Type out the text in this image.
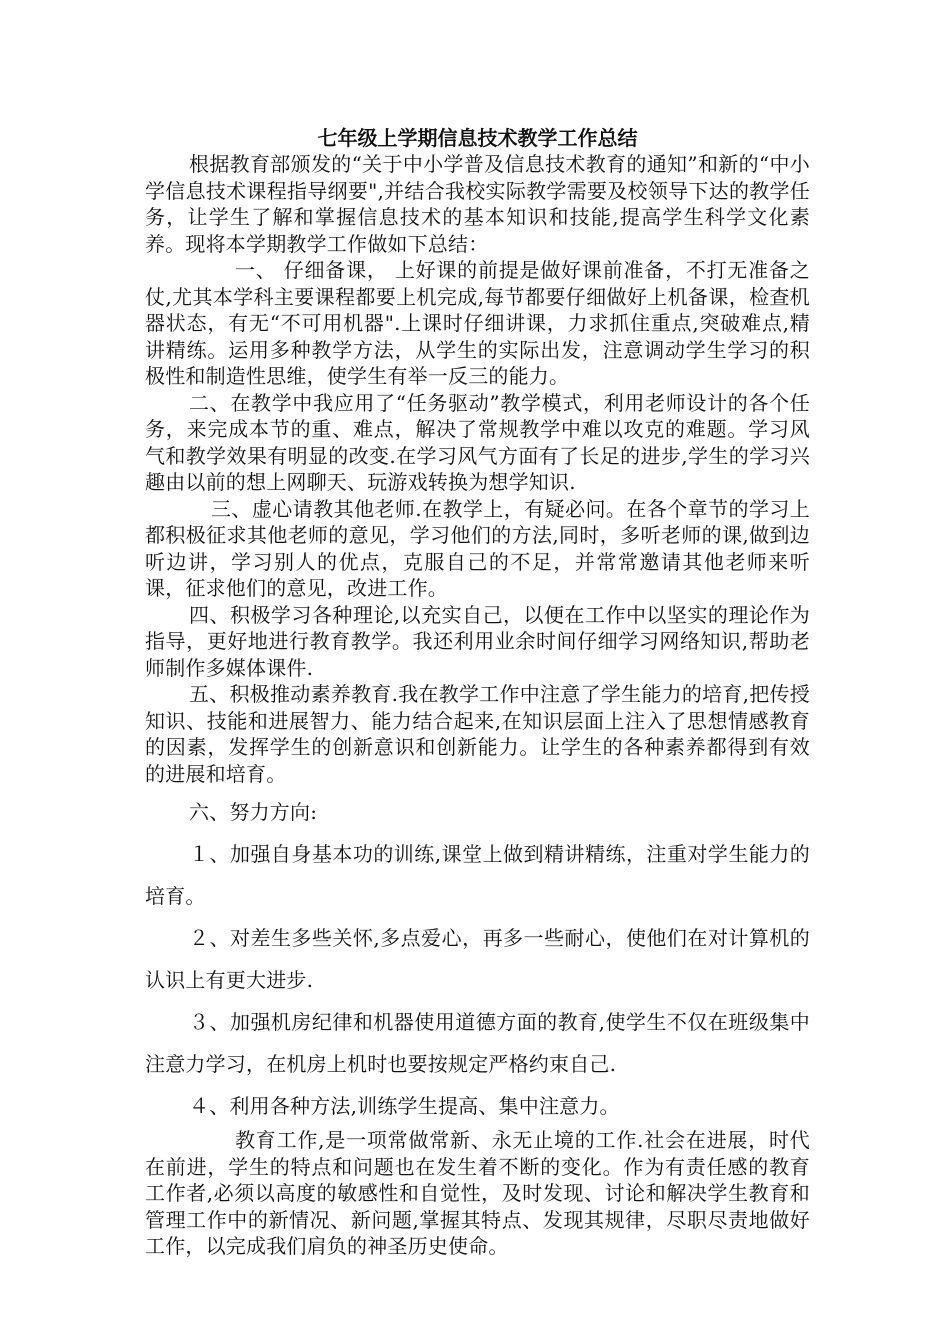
七年级上学期信息技术教学工作总结

根据教育部颁发的“关于中小学普及信息技术教育的通知”和新的“中小学信息技术课程指导纲要",并结合我校实际教学需要及校领导下达的教学任务，让学生了解和掌握信息技术的基本知识和技能,提高学生科学文化素养。现将本学期教学工作做如下总结：

一、 仔细备课， 上好课的前提是做好课前准备，不打无准备之仗,尤其本学科主要课程都要上机完成,每节都要仔细做好上机备课，检查机器状态，有无“不可用机器".上课时仔细讲课，力求抓住重点,突破难点,精讲精练。运用多种教学方法，从学生的实际出发，注意调动学生学习的积极性和制造性思维，使学生有举一反三的能力。

二、在教学中我应用了“任务驱动”教学模式，利用老师设计的各个任务，来完成本节的重、难点，解决了常规教学中难以攻克的难题。学习风气和教学效果有明显的改变.在学习风气方面有了长足的进步,学生的学习兴趣由以前的想上网聊天、玩游戏转换为想学知识.

三、虚心请教其他老师.在教学上，有疑必问。在各个章节的学习上都积极征求其他老师的意见，学习他们的方法,同时，多听老师的课,做到边听边讲，学习别人的优点，克服自己的不足，并常常邀请其他老师来听课，征求他们的意见，改进工作。

四、积极学习各种理论,以充实自己，以便在工作中以坚实的理论作为指导，更好地进行教育教学。我还利用业余时间仔细学习网络知识,帮助老师制作多媒体课件.

五、积极推动素养教育.我在教学工作中注意了学生能力的培育,把传授知识、技能和进展智力、能力结合起来,在知识层面上注入了思想情感教育的因素，发挥学生的创新意识和创新能力。让学生的各种素养都得到有效的进展和培育。

六、努力方向:

１、加强自身基本功的训练,课堂上做到精讲精练，注重对学生能力的培育。

２、对差生多些关怀,多点爱心，再多一些耐心，使他们在对计算机的认识上有更大进步.

３、加强机房纪律和机器使用道德方面的教育,使学生不仅在班级集中注意力学习，在机房上机时也要按规定严格约束自己.

４、利用各种方法,训练学生提高、集中注意力。

教育工作,是一项常做常新、永无止境的工作.社会在进展，时代在前进，学生的特点和问题也在发生着不断的变化。作为有责任感的教育工作者,必须以高度的敏感性和自觉性，及时发现、讨论和解决学生教育和管理工作中的新情况、新问题,掌握其特点、发现其规律，尽职尽责地做好工作，以完成我们肩负的神圣历史使命。
